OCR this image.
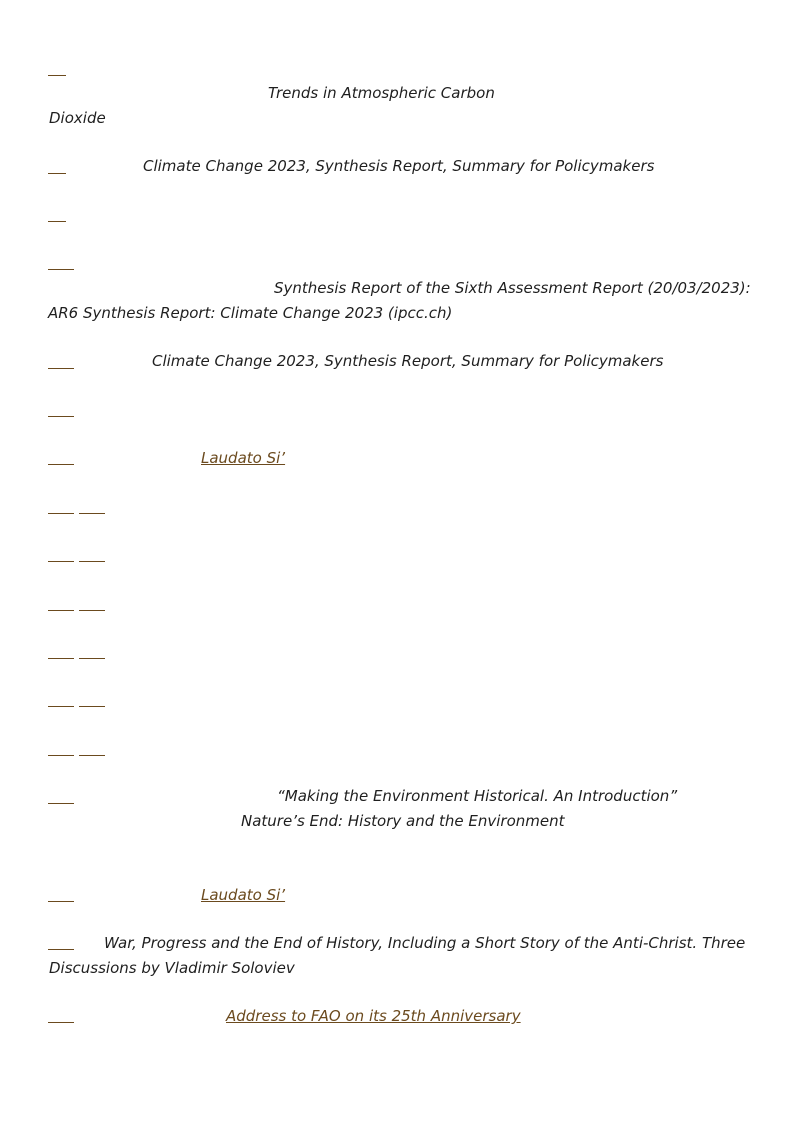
Trends in Atmospheric Carbon
Dioxide
Climate Change 2023, Synthesis Report, Summary for Policymakers
Synthesis Report of the Sixth Assessment Report (20/03/2023):
AR6 Synthesis Report: Climate Change 2023 (ipcc.ch)
Climate Change 2023, Synthesis Report, Summary for Policymakers
Laudato Si’
“Making the Environment Historical. An Introduction”
Nature’s End: History and the Environment
Laudato Si’
War, Progress and the End of History, Including a Short Story of the Anti-Christ. Three
Discussions by Vladimir Soloviev
Address to FAO on its 25th Anniversary
